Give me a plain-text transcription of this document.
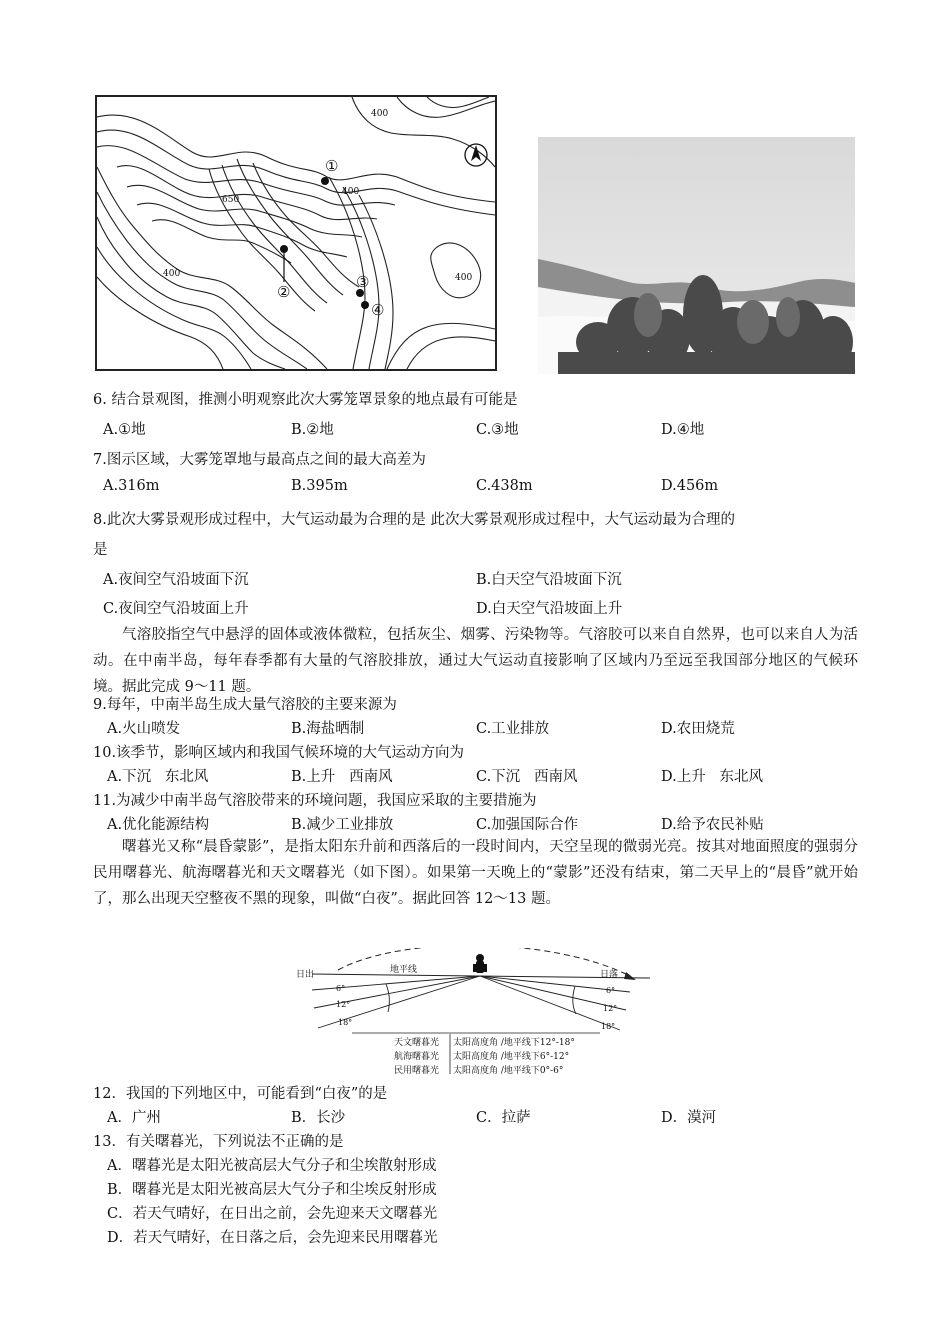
①
②
③
④
400
400
650
400	400
6. 结合景观图，推测小明观察此次大雾笼罩景象的地点最有可能是
A.①地	B.②地	C.③地	D.④地
7.图示区域，大雾笼罩地与最高点之间的最大高差为
A.316m	B.395m	C.438m	D.456m
8.此次大雾景观形成过程中，大气运动最为合理的是 此次大雾景观形成过程中，大气运动最为合理的
是
A.夜间空气沿坡面下沉	B.白天空气沿坡面下沉
C.夜间空气沿坡面上升	D.白天空气沿坡面上升
气溶胶指空气中悬浮的固体或液体微粒，包括灰尘、烟雾、污染物等。气溶胶可以来自自然界，也可以来自人为活动。在中南半岛，每年春季都有大量的气溶胶排放，通过大气运动直接影响了区域内乃至远至我国部分地区的气候环境。据此完成 9～11 题。
9.每年，中南半岛生成大量气溶胶的主要来源为
A.火山喷发	B.海盐晒制	C.工业排放	D.农田烧荒
10.该季节，影响区域内和我国气候环境的大气运动方向为
A.下沉   东北风	B.上升   西南风	C.下沉   西南风	D.上升   东北风
11.为减少中南半岛气溶胶带来的环境问题，我国应采取的主要措施为
A.优化能源结构	B.减少工业排放	C.加强国际合作	D.给予农民补贴
曙暮光又称“晨昏蒙影”，是指太阳东升前和西落后的一段时间内，天空呈现的微弱光亮。按其对地面照度的强弱分民用曙暮光、航海曙暮光和天文曙暮光（如下图）。如果第一天晚上的“蒙影”还没有结束，第二天早上的“晨昏”就开始了，那么出现天空整夜不黑的现象，叫做“白夜”。据此回答 12～13 题。
日出	地平线	日落
6°
12°
18°
6°
12°
18°
天文曙暮光 太阳高度角 /地平线下12°-18°
航海曙暮光 太阳高度角 /地平线下6°-12°
民用曙暮光 太阳高度角 /地平线下0°-6°
12．我国的下列地区中，可能看到“白夜”的是
A．广州	B．长沙	C．拉萨	D．漠河
13．有关曙暮光，下列说法不正确的是
A．曙暮光是太阳光被高层大气分子和尘埃散射形成
B．曙暮光是太阳光被高层大气分子和尘埃反射形成
C．若天气晴好，在日出之前，会先迎来天文曙暮光
D．若天气晴好，在日落之后，会先迎来民用曙暮光
